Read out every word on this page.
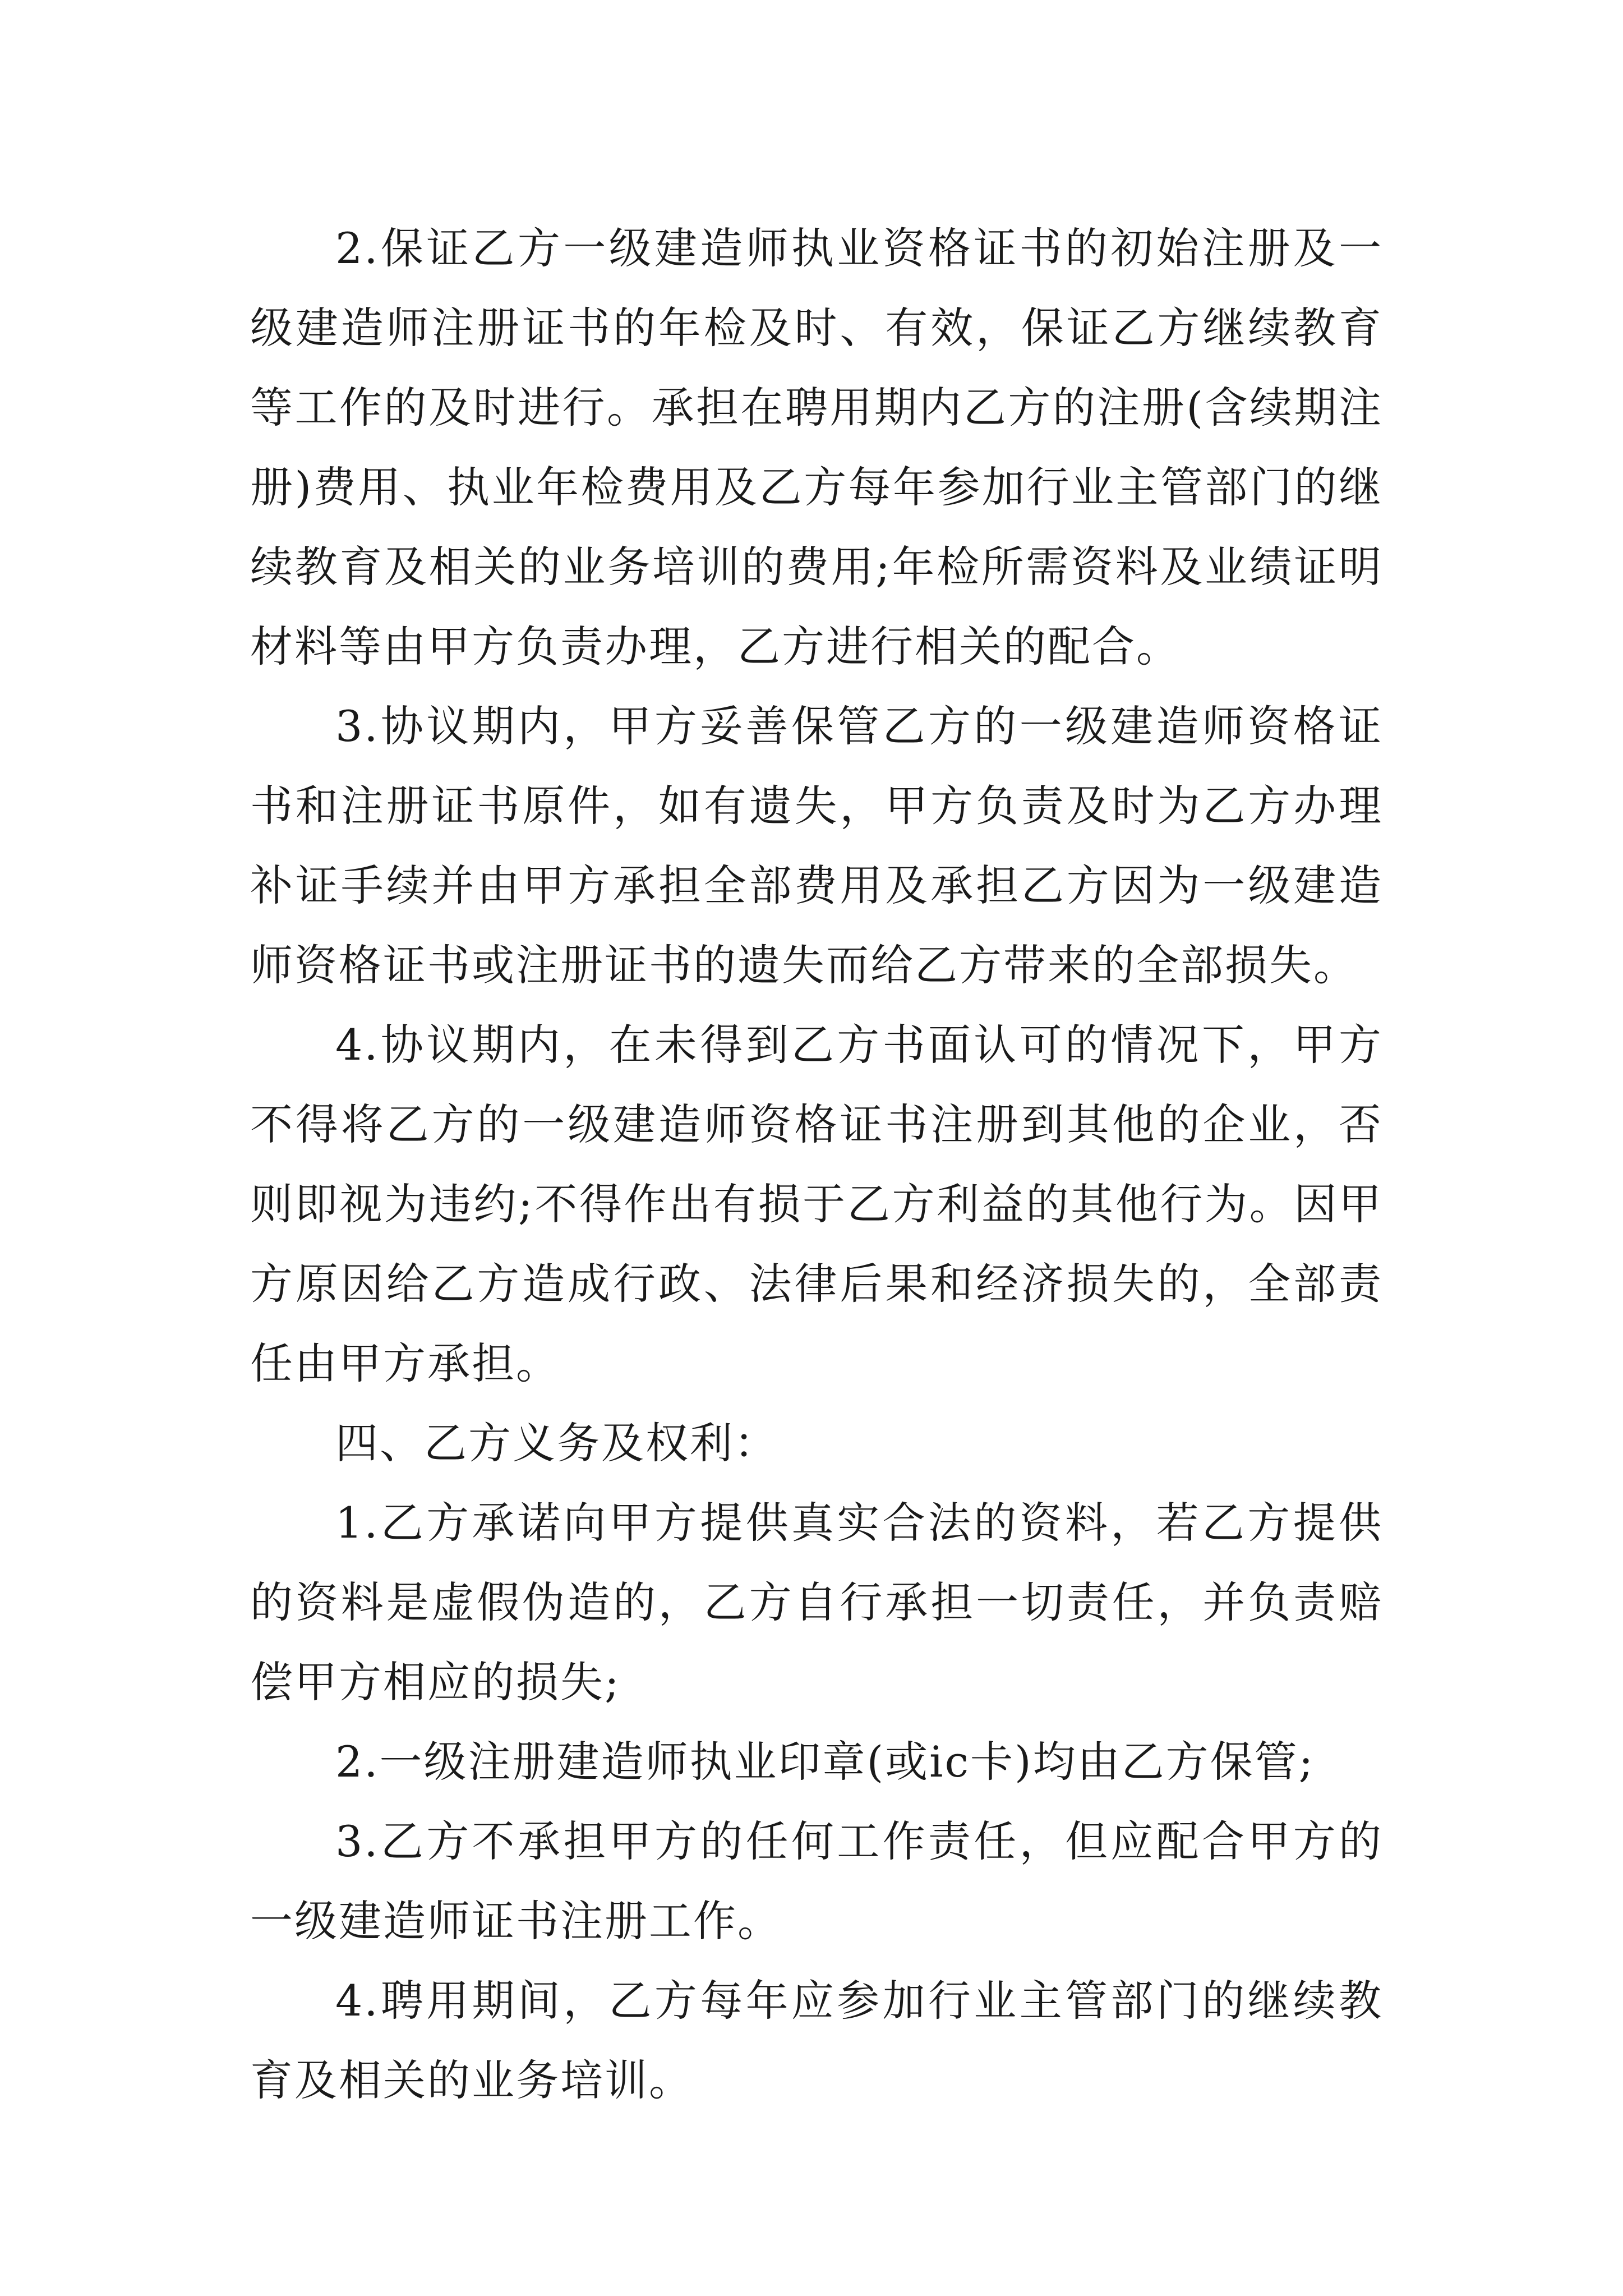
2.保证乙方一级建造师执业资格证书的初始注册及一级建造师注册证书的年检及时、有效，保证乙方继续教育等工作的及时进行。承担在聘用期内乙方的注册(含续期注册)费用、执业年检费用及乙方每年参加行业主管部门的继续教育及相关的业务培训的费用;年检所需资料及业绩证明材料等由甲方负责办理，乙方进行相关的配合。

3.协议期内，甲方妥善保管乙方的一级建造师资格证书和注册证书原件，如有遗失，甲方负责及时为乙方办理补证手续并由甲方承担全部费用及承担乙方因为一级建造师资格证书或注册证书的遗失而给乙方带来的全部损失。

4.协议期内，在未得到乙方书面认可的情况下，甲方不得将乙方的一级建造师资格证书注册到其他的企业，否则即视为违约;不得作出有损于乙方利益的其他行为。因甲方原因给乙方造成行政、法律后果和经济损失的，全部责任由甲方承担。

四、乙方义务及权利：

1.乙方承诺向甲方提供真实合法的资料，若乙方提供的资料是虚假伪造的，乙方自行承担一切责任，并负责赔偿甲方相应的损失;

2.一级注册建造师执业印章(或ic卡)均由乙方保管;

3.乙方不承担甲方的任何工作责任，但应配合甲方的一级建造师证书注册工作。

4.聘用期间，乙方每年应参加行业主管部门的继续教育及相关的业务培训。
